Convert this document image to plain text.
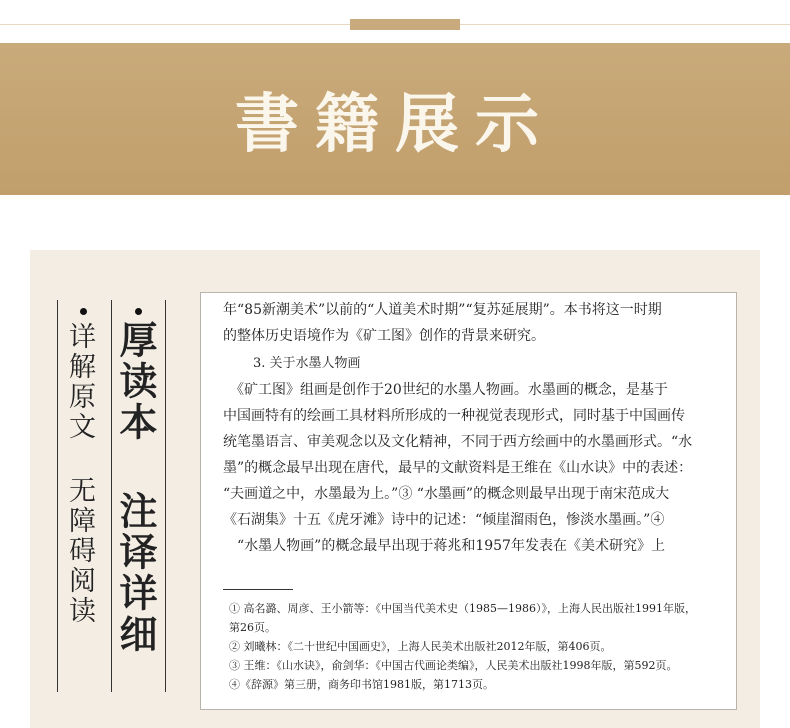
書籍展示
厚读本 注译详细
详解原文 无障碍阅读

年“85新潮美术”以前的“人道美术时期”“复苏延展期”。本书将这一时期

的整体历史语境作为《矿工图》创作的背景来研究。

3. 关于水墨人物画

　《矿工图》组画是创作于20世纪的水墨人物画。水墨画的概念，是基于

中国画特有的绘画工具材料所形成的一种视觉表现形式，同时基于中国画传

统笔墨语言、审美观念以及文化精神，不同于西方绘画中的水墨画形式。“水

墨”的概念最早出现在唐代，最早的文献资料是王维在《山水诀》中的表述：

“夫画道之中，水墨最为上。”③ “水墨画”的概念则最早出现于南宋范成大

《石湖集》十五《虎牙滩》诗中的记述：“倾崖溜雨色，惨淡水墨画。”④

　“水墨人物画”的概念最早出现于蒋兆和1957年发表在《美术研究》上

① 高名潞、周彦、王小箭等：《中国当代美术史（1985—1986）》，上海人民出版社1991年版，

第26页。

② 刘曦林：《二十世纪中国画史》，上海人民美术出版社2012年版，第406页。

③ 王维：《山水诀》，俞剑华：《中国古代画论类编》，人民美术出版社1998年版，第592页。

④《辞源》第三册，商务印书馆1981版，第1713页。
